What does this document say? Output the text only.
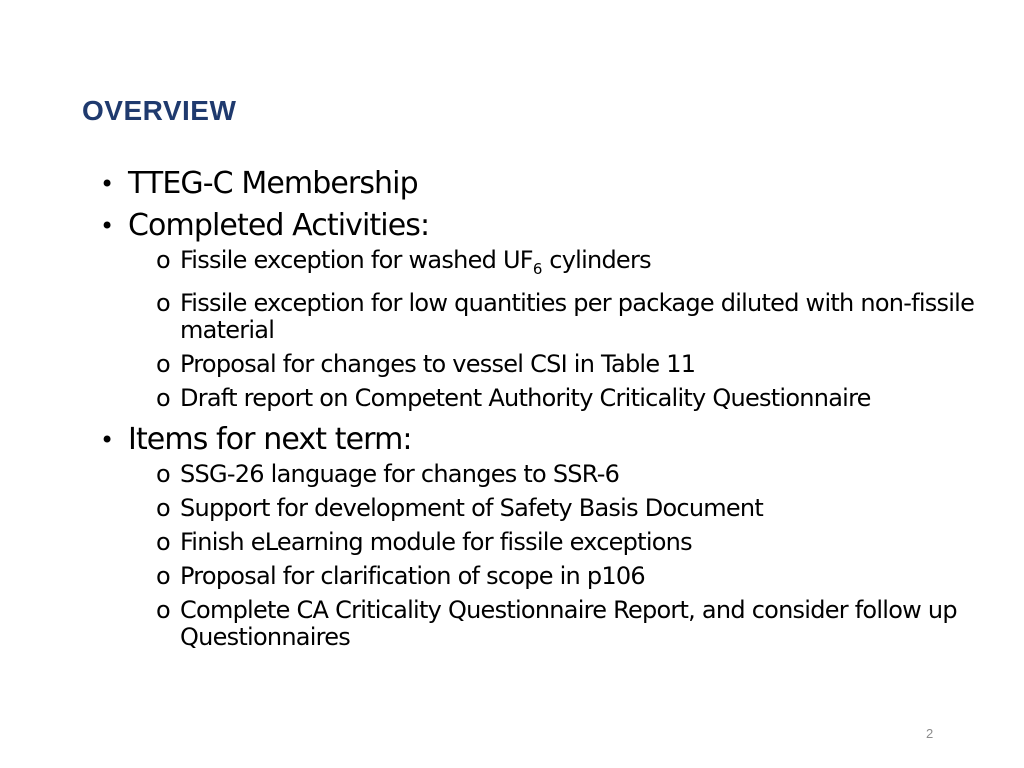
OVERVIEW
• TTEG-C Membership
• Completed Activities:
o Fissile exception for washed $UF_6$ cylinders
o Fissile exception for low quantities per package diluted with non-fissile material
o Proposal for changes to vessel CSI in Table 11
o Draft report on Competent Authority Criticality Questionnaire
• Items for next term:
o SSG-26 language for changes to SSR-6
o Support for development of Safety Basis Document
o Finish eLearning module for fissile exceptions
o Proposal for clarification of scope in p106
o Complete CA Criticality Questionnaire Report, and consider follow up Questionnaires
2
